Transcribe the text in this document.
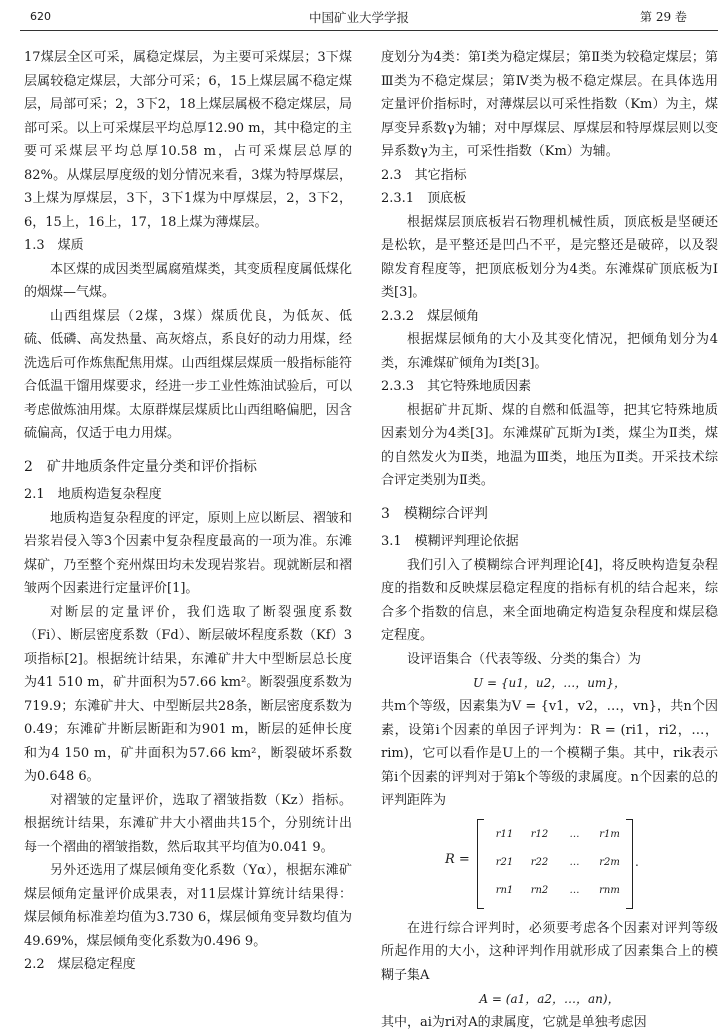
620	中国矿业大学学报	第 29 卷

17煤层全区可采，属稳定煤层，为主要可采煤层；3下煤层属较稳定煤层，大部分可采；6，15上煤层属不稳定煤层，局部可采；2，3下2，18上煤层属极不稳定煤层，局部可采。以上可采煤层平均总厚12.90 m，其中稳定的主要可采煤层平均总厚10.58 m，占可采煤层总厚的82%。从煤层厚度级的划分情况来看，3煤为特厚煤层，3上煤为厚煤层，3下，3下1煤为中厚煤层，2，3下2，6，15上，16上，17，18上煤为薄煤层。

1.3　煤质

本区煤的成因类型属腐殖煤类，其变质程度属低煤化的烟煤—气煤。

山西组煤层（2煤，3煤）煤质优良，为低灰、低硫、低磷、高发热量、高灰熔点，系良好的动力用煤，经洗选后可作炼焦配焦用煤。山西组煤层煤质一般指标能符合低温干馏用煤要求，经进一步工业性炼油试验后，可以考虑做炼油用煤。太原群煤层煤质比山西组略偏肥，因含硫偏高，仅适于电力用煤。

2　矿井地质条件定量分类和评价指标
2.1　地质构造复杂程度

地质构造复杂程度的评定，原则上应以断层、褶皱和岩浆岩侵入等3个因素中复杂程度最高的一项为准。东滩煤矿，乃至整个兖州煤田均未发现岩浆岩。现就断层和褶皱两个因素进行定量评价[1]。

对断层的定量评价，我们选取了断裂强度系数（Fi）、断层密度系数（Fd）、断层破坏程度系数（Kf）3项指标[2]。根据统计结果，东滩矿井大中型断层总长度为41 510 m，矿井面积为57.66 km²。断裂强度系数为719.9；东滩矿井大、中型断层共28条，断层密度系数为0.49；东滩矿井断层断距和为901 m，断层的延伸长度和为4 150 m，矿井面积为57.66 km²，断裂破坏系数为0.648 6。

对褶皱的定量评价，选取了褶皱指数（Kz）指标。根据统计结果，东滩矿井大小褶曲共15个，分别统计出每一个褶曲的褶皱指数，然后取其平均值为0.041 9。

另外还选用了煤层倾角变化系数（Yα），根据东滩矿煤层倾角定量评价成果表，对11层煤计算统计结果得：煤层倾角标准差均值为3.730 6，煤层倾角变异数均值为49.69%，煤层倾角变化系数为0.496 9。

2.2　煤层稳定程度

度划分为4类：第Ⅰ类为稳定煤层；第Ⅱ类为较稳定煤层；第Ⅲ类为不稳定煤层；第Ⅳ类为极不稳定煤层。在具体选用定量评价指标时，对薄煤层以可采性指数（Km）为主，煤厚变异系数γ为辅；对中厚煤层、厚煤层和特厚煤层则以变异系数γ为主，可采性指数（Km）为辅。

2.3　其它指标
2.3.1　顶底板

根据煤层顶底板岩石物理机械性质，顶底板是坚硬还是松软，是平整还是凹凸不平，是完整还是破碎，以及裂隙发育程度等，把顶底板划分为4类。东滩煤矿顶底板为Ⅰ类[3]。

2.3.2　煤层倾角

根据煤层倾角的大小及其变化情况，把倾角划分为4类，东滩煤矿倾角为Ⅰ类[3]。

2.3.3　其它特殊地质因素

根据矿井瓦斯、煤的自燃和低温等，把其它特殊地质因素划分为4类[3]。东滩煤矿瓦斯为Ⅰ类，煤尘为Ⅱ类，煤的自然发火为Ⅱ类，地温为Ⅲ类，地压为Ⅱ类。开采技术综合评定类别为Ⅱ类。

3　模糊综合评判
3.1　模糊评判理论依据

我们引入了模糊综合评判理论[4]，将反映构造复杂程度的指数和反映煤层稳定程度的指标有机的结合起来，综合多个指数的信息，来全面地确定构造复杂程度和煤层稳定程度。

设评语集合（代表等级、分类的集合）为

U = {u1，u2，…，um}，

共m个等级，因素集为V = {v1，v2，…，vn}，共n个因素，设第i个因素的单因子评判为：R = (ri1，ri2，…，rim)，它可以看作是U上的一个模糊子集。其中，rik表示第i个因素的评判对于第k个等级的隶属度。n个因素的总的评判距阵为

R =
r11	r12	…	r1m
r21	r22	…	r2m
rn1	rn2	…	rnm
.

在进行综合评判时，必须要考虑各个因素对评判等级所起作用的大小，这种评判作用就形成了因素集合上的模糊子集A

A = (a1，a2，…，an)，

其中，ai为ri对A的隶属度，它就是单独考虑因
